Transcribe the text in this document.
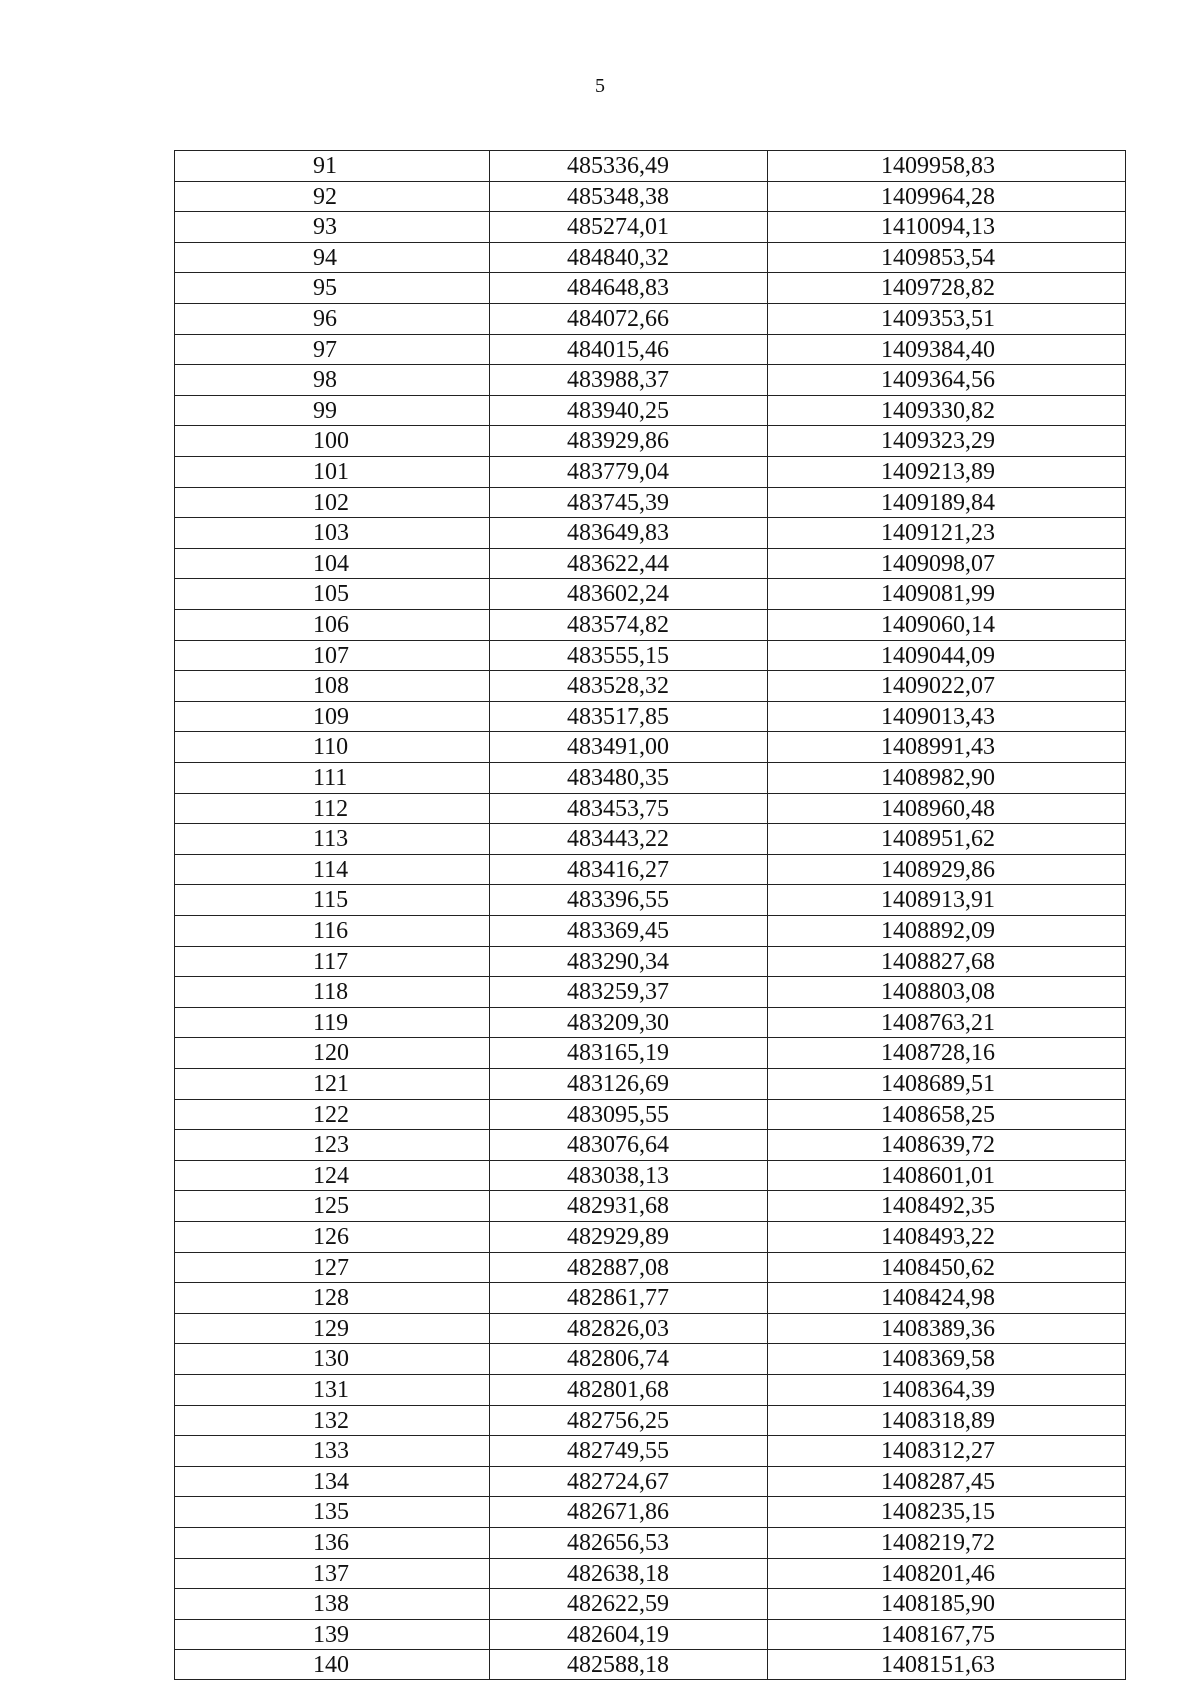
5
91	485336,49	1409958,83
92	485348,38	1409964,28
93	485274,01	1410094,13
94	484840,32	1409853,54
95	484648,83	1409728,82
96	484072,66	1409353,51
97	484015,46	1409384,40
98	483988,37	1409364,56
99	483940,25	1409330,82
100	483929,86	1409323,29
101	483779,04	1409213,89
102	483745,39	1409189,84
103	483649,83	1409121,23
104	483622,44	1409098,07
105	483602,24	1409081,99
106	483574,82	1409060,14
107	483555,15	1409044,09
108	483528,32	1409022,07
109	483517,85	1409013,43
110	483491,00	1408991,43
111	483480,35	1408982,90
112	483453,75	1408960,48
113	483443,22	1408951,62
114	483416,27	1408929,86
115	483396,55	1408913,91
116	483369,45	1408892,09
117	483290,34	1408827,68
118	483259,37	1408803,08
119	483209,30	1408763,21
120	483165,19	1408728,16
121	483126,69	1408689,51
122	483095,55	1408658,25
123	483076,64	1408639,72
124	483038,13	1408601,01
125	482931,68	1408492,35
126	482929,89	1408493,22
127	482887,08	1408450,62
128	482861,77	1408424,98
129	482826,03	1408389,36
130	482806,74	1408369,58
131	482801,68	1408364,39
132	482756,25	1408318,89
133	482749,55	1408312,27
134	482724,67	1408287,45
135	482671,86	1408235,15
136	482656,53	1408219,72
137	482638,18	1408201,46
138	482622,59	1408185,90
139	482604,19	1408167,75
140	482588,18	1408151,63
